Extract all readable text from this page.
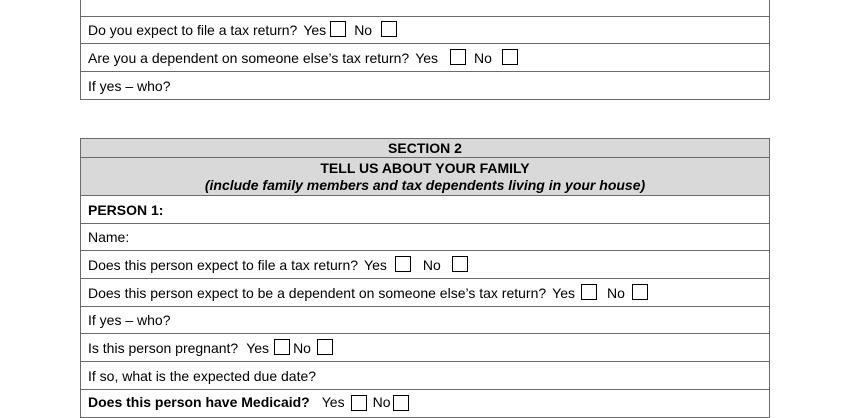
Do you expect to file a tax return? Yes No
Are you a dependent on someone else’s tax return? Yes	No
If yes – who?
SECTION 2
TELL US ABOUT YOUR FAMILY
(include family members and tax dependents living in your house)
PERSON 1:
Name:
Does this person expect to file a tax return? Yes	No
Does this person expect to be a dependent on someone else’s tax return? Yes No
If yes – who?
Is this person pregnant? Yes No
If so, what is the expected due date?
Does this person have Medicaid? Yes No
